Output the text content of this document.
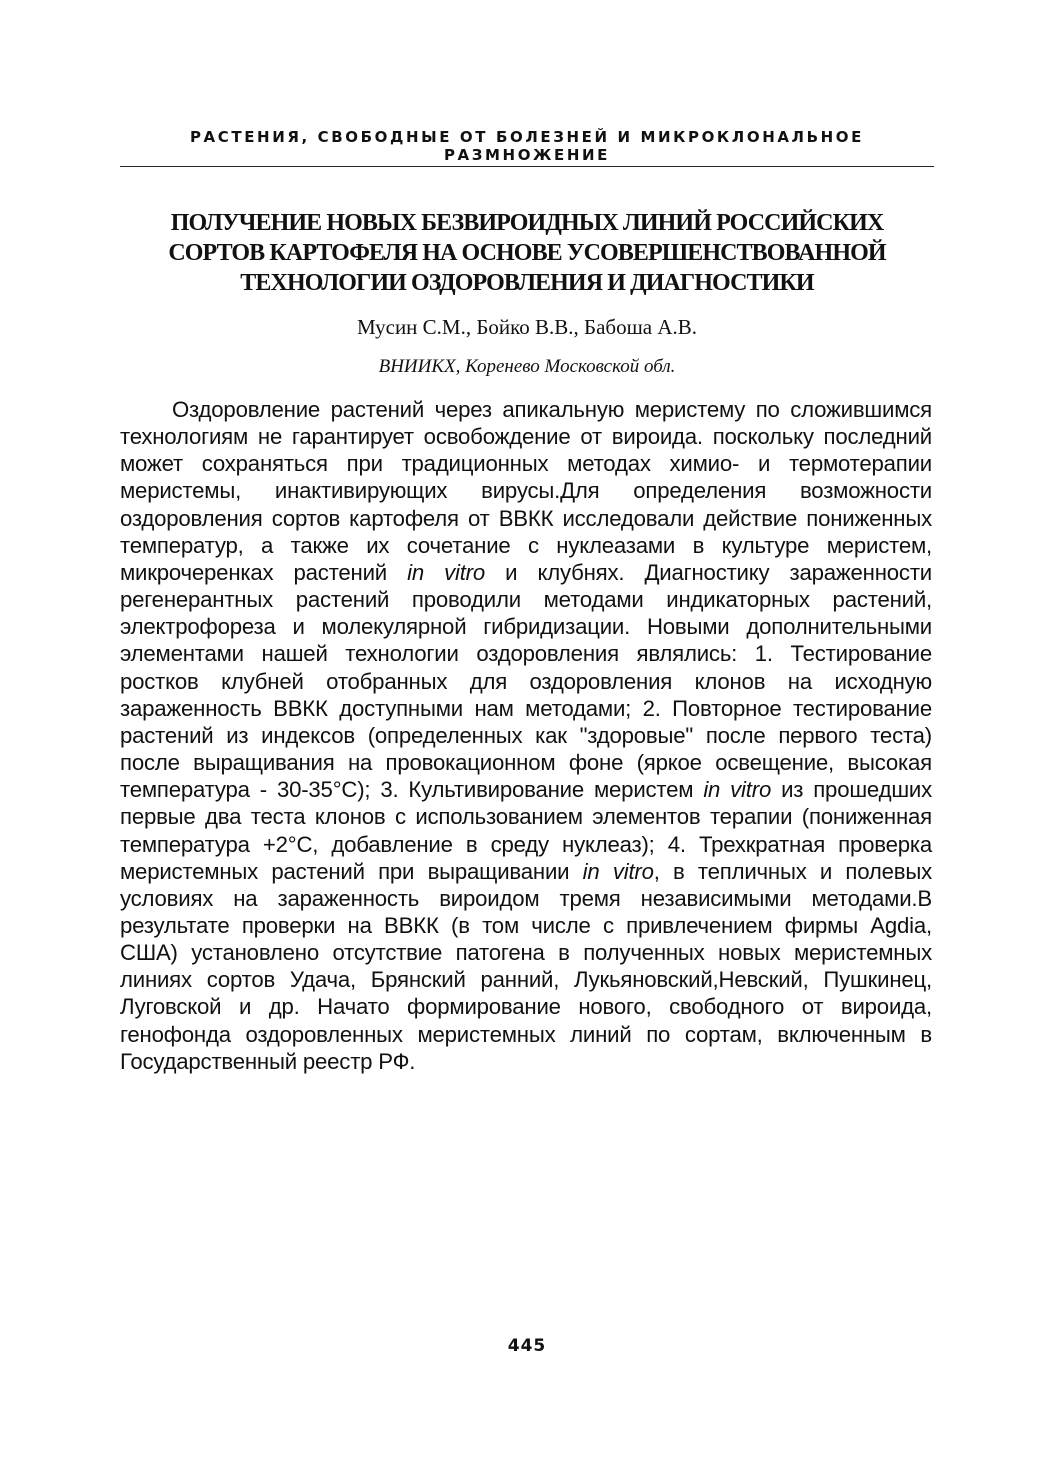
РАСТЕНИЯ, СВОБОДНЫЕ ОТ БОЛЕЗНЕЙ И МИКРОКЛОНАЛЬНОЕ
РАЗМНОЖЕНИЕ
ПОЛУЧЕНИЕ НОВЫХ БЕЗВИРОИДНЫХ ЛИНИЙ РОССИЙСКИХ
СОРТОВ КАРТОФЕЛЯ НА ОСНОВЕ УСОВЕРШЕНСТВОВАННОЙ
ТЕХНОЛОГИИ ОЗДОРОВЛЕНИЯ И ДИАГНОСТИКИ
Мусин С.М., Бойко В.В., Бабоша А.В.
ВНИИКХ, Коренево Московской обл.

Оздоровление растений через апикальную меристему по сложившимся технологиям не гарантирует освобождение от вироида. поскольку последний может сохраняться при традиционных методах химио- и термотерапии меристемы, инактивирующих вирусы.Для определения возможности оздоровления сортов картофеля от ВВКК исследовали действие пониженных температур, а также их сочетание с нуклеазами в культуре меристем, микрочеренках растений in vitro и клубнях. Диагностику зараженности регенерантных растений проводили методами индикаторных растений, электрофореза и молекулярной гибридизации. Новыми дополнительными элементами нашей технологии оздоровления являлись: 1. Тестирование ростков клубней отобранных для оздоровления клонов на исходную зараженность ВВКК доступными нам методами; 2. Повторное тестирование растений из индексов (определенных как "здоровые" после первого теста) после выращивания на провокационном фоне (яркое освещение, высокая температура - 30-35°С); 3. Культивирование меристем in vitro из прошедших первые два теста клонов с использованием элементов терапии (пониженная температура +2°С, добавление в среду нуклеаз); 4. Трехкратная проверка меристемных растений при выращивании in vitro, в тепличных и полевых условиях на зараженность вироидом тремя независимыми методами.В результате проверки на ВВКК (в том числе с привлечением фирмы Agdia, США) установлено отсутствие патогена в полученных новых меристемных линиях сортов Удача, Брянский ранний, Лукьяновский,Невский, Пушкинец, Луговской и др. Начато формирование нового, свободного от вироида, генофонда оздоровленных меристемных линий по сортам, включенным в Государственный реестр РФ.

445
